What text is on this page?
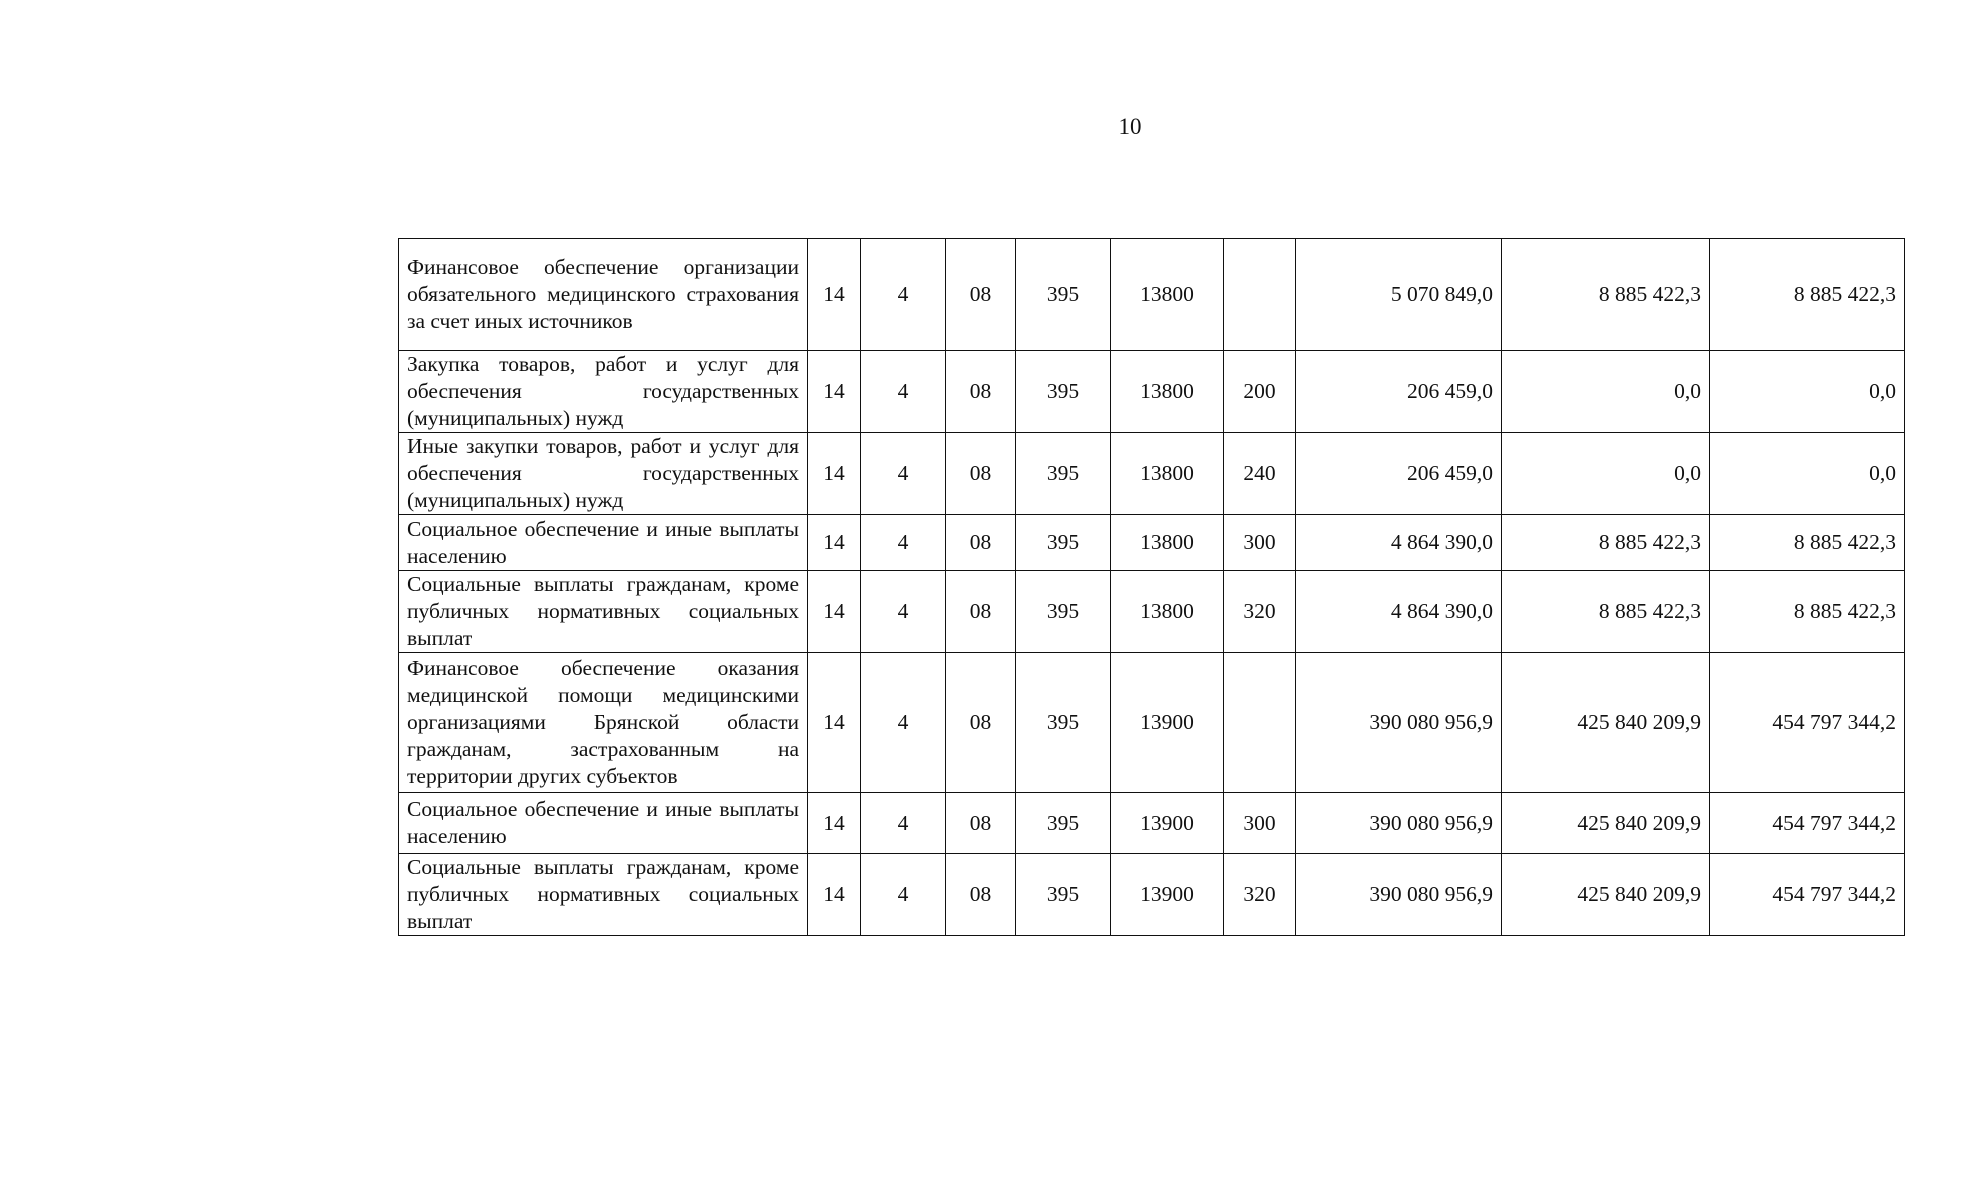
10
Финансовое обеспечение организации обязательного медицинского страхования за счет иных источников	14	4	08	395	13800		5 070 849,0	8 885 422,3	8 885 422,3
Закупка товаров, работ и услуг для обеспечения государственных (муниципальных) нужд	14	4	08	395	13800	200	206 459,0	0,0	0,0
Иные закупки товаров, работ и услуг для обеспечения государственных (муниципальных) нужд	14	4	08	395	13800	240	206 459,0	0,0	0,0
Социальное обеспечение и иные выплаты населению	14	4	08	395	13800	300	4 864 390,0	8 885 422,3	8 885 422,3
Социальные выплаты гражданам, кроме публичных нормативных социальных выплат	14	4	08	395	13800	320	4 864 390,0	8 885 422,3	8 885 422,3
Финансовое обеспечение оказания медицинской помощи медицинскими организациями Брянской области гражданам, застрахованным на территории других субъектов	14	4	08	395	13900		390 080 956,9	425 840 209,9	454 797 344,2
Социальное обеспечение и иные выплаты населению	14	4	08	395	13900	300	390 080 956,9	425 840 209,9	454 797 344,2
Социальные выплаты гражданам, кроме публичных нормативных социальных выплат	14	4	08	395	13900	320	390 080 956,9	425 840 209,9	454 797 344,2
